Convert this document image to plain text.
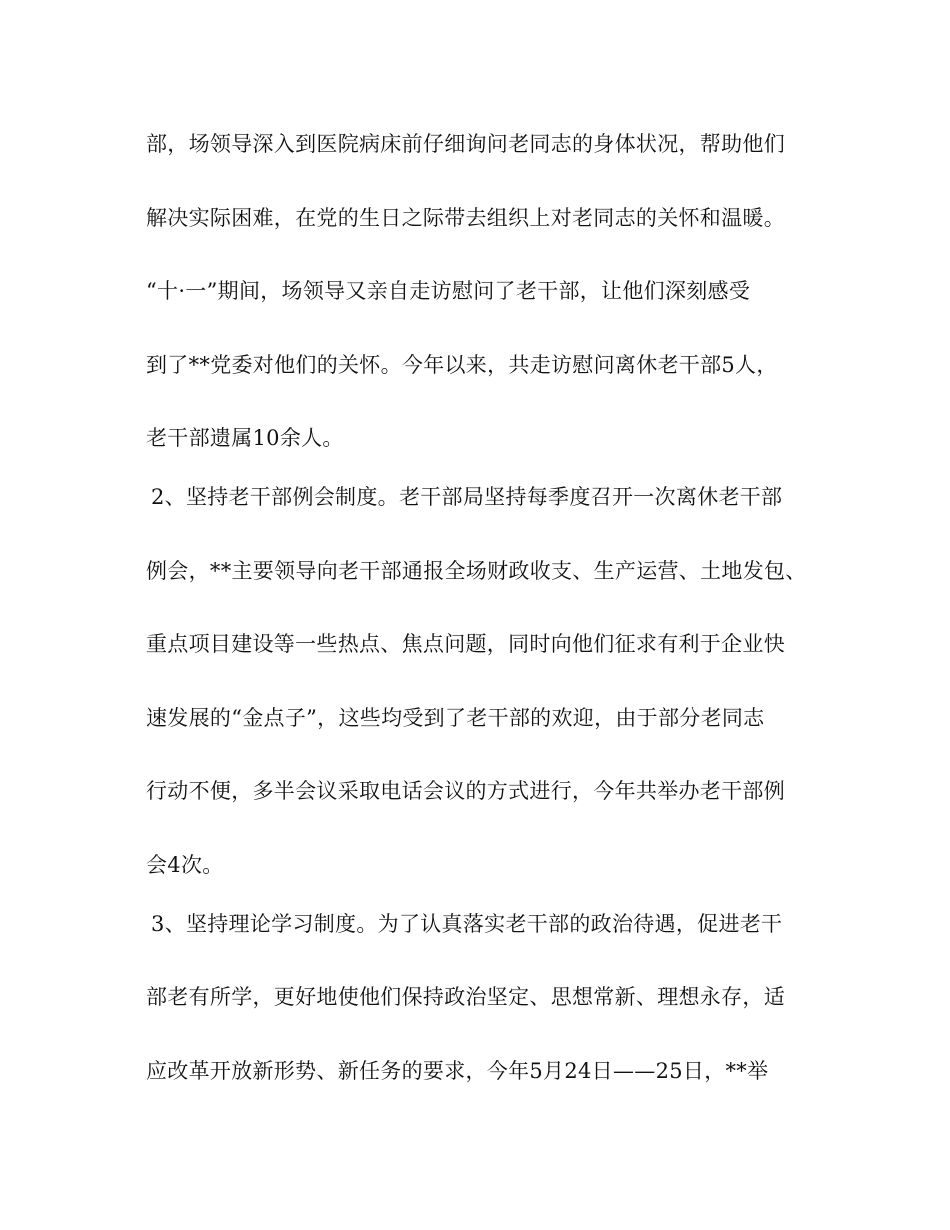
部，场领导深入到医院病床前仔细询问老同志的身体状况，帮助他们
解决实际困难，在党的生日之际带去组织上对老同志的关怀和温暖。
“十·一”期间，场领导又亲自走访慰问了老干部，让他们深刻感受
到了**党委对他们的关怀。今年以来，共走访慰问离休老干部5人，
老干部遗属10余人。
2、坚持老干部例会制度。老干部局坚持每季度召开一次离休老干部
例会，**主要领导向老干部通报全场财政收支、生产运营、土地发包、
重点项目建设等一些热点、焦点问题，同时向他们征求有利于企业快
速发展的“金点子”，这些均受到了老干部的欢迎，由于部分老同志
行动不便，多半会议采取电话会议的方式进行，今年共举办老干部例
会4次。
3、坚持理论学习制度。为了认真落实老干部的政治待遇，促进老干
部老有所学，更好地使他们保持政治坚定、思想常新、理想永存，适
应改革开放新形势、新任务的要求，今年5月24日——25日，**举
